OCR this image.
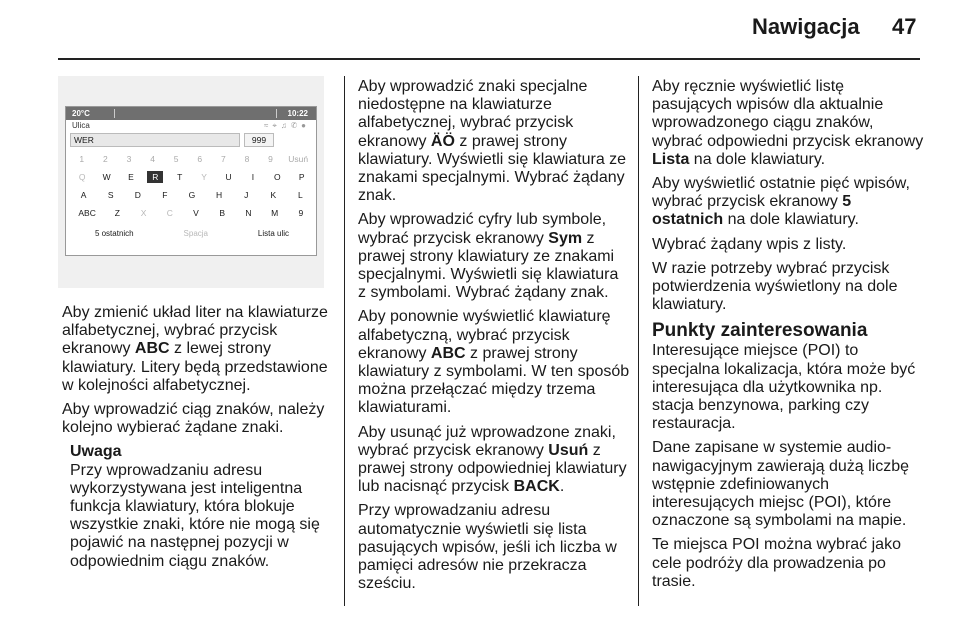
Nawigacja 47
20°C	10:22
Ulica	≈⌖♫✆●
WER	999
1	2	3	4	5	6	7	8	9	Usuń
Q	W	E	R	T	Y	U	I	O	P
A	S	D	F	G	H	J	K	L
ABC	Z	X	C	V	B	N	M	9
5 ostatnich	Spacja	Lista ulic

Aby zmienić układ liter na klawiaturze alfabetycznej, wybrać przycisk ekranowy ABC z lewej strony klawiatury. Litery będą przedstawione w kolejności alfabetycznej.

Aby wprowadzić ciąg znaków, należy kolejno wybierać żądane znaki.

Uwaga
Przy wprowadzaniu adresu wykorzystywana jest inteligentna funkcja klawiatury, która blokuje wszystkie znaki, które nie mogą się pojawić na następnej pozycji w odpowiednim ciągu znaków.

Aby wprowadzić znaki specjalne niedostępne na klawiaturze alfabetycznej, wybrać przycisk ekranowy ÄÖ z prawej strony klawiatury. Wyświetli się klawiatura ze znakami specjalnymi. Wybrać żądany znak.

Aby wprowadzić cyfry lub symbole, wybrać przycisk ekranowy Sym z prawej strony klawiatury ze znakami specjalnymi. Wyświetli się klawiatura z symbolami. Wybrać żądany znak.

Aby ponownie wyświetlić klawiaturę alfabetyczną, wybrać przycisk ekranowy ABC z prawej strony klawiatury z symbolami. W ten sposób można przełączać między trzema klawiaturami.

Aby usunąć już wprowadzone znaki, wybrać przycisk ekranowy Usuń z prawej strony odpowiedniej klawiatury lub nacisnąć przycisk BACK.

Przy wprowadzaniu adresu automatycznie wyświetli się lista pasujących wpisów, jeśli ich liczba w pamięci adresów nie przekracza sześciu.

Aby ręcznie wyświetlić listę pasujących wpisów dla aktualnie wprowadzonego ciągu znaków, wybrać odpowiedni przycisk ekranowy Lista na dole klawiatury.

Aby wyświetlić ostatnie pięć wpisów, wybrać przycisk ekranowy 5 ostatnich na dole klawiatury.

Wybrać żądany wpis z listy.

W razie potrzeby wybrać przycisk potwierdzenia wyświetlony na dole klawiatury.

Punkty zainteresowania

Interesujące miejsce (POI) to specjalna lokalizacja, która może być interesująca dla użytkownika np. stacja benzynowa, parking czy restauracja.

Dane zapisane w systemie audio-nawigacyjnym zawierają dużą liczbę wstępnie zdefiniowanych interesujących miejsc (POI), które oznaczone są symbolami na mapie.

Te miejsca POI można wybrać jako cele podróży dla prowadzenia po trasie.
